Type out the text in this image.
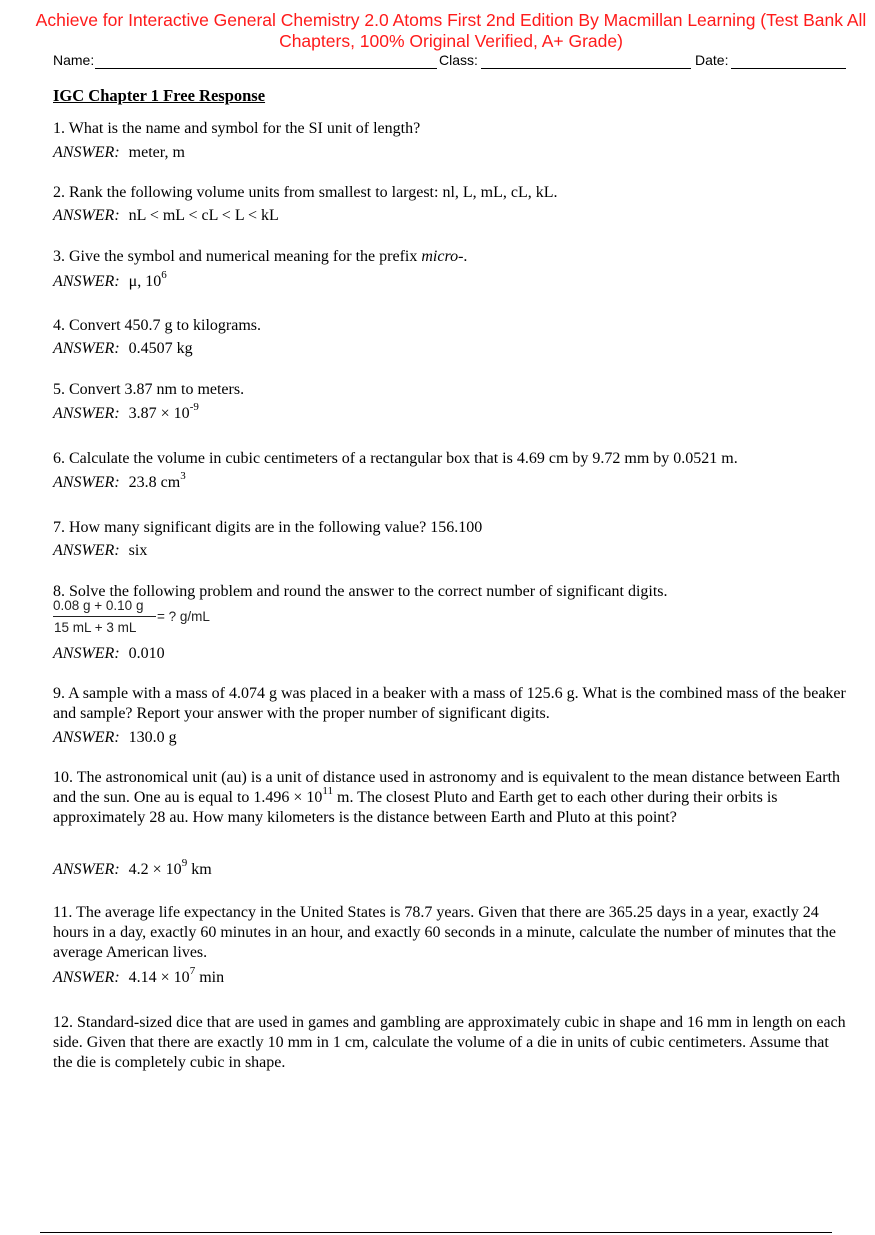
Achieve for Interactive General Chemistry 2.0 Atoms First 2nd Edition By Macmillan Learning (Test Bank All
Chapters, 100% Original Verified, A+ Grade)
Name:	Class:	Date:
IGC Chapter 1 Free Response
1. What is the name and symbol for the SI unit of length?
ANSWER: meter, m
2. Rank the following volume units from smallest to largest: nl, L, mL, cL, kL.
ANSWER: nL < mL < cL < L < kL
3. Give the symbol and numerical meaning for the prefix micro-.
ANSWER: μ, $10^6$
4. Convert 450.7 g to kilograms.
ANSWER: 0.4507 kg
5. Convert 3.87 nm to meters.
ANSWER: $3.87 \times 10^{-9}$
6. Calculate the volume in cubic centimeters of a rectangular box that is 4.69 cm by 9.72 mm by 0.0521 m.
ANSWER: 23.8 $cm^3$
7. How many significant digits are in the following value? 156.100
ANSWER: six
8. Solve the following problem and round the answer to the correct number of significant digits.
0.08 g + 0.10 g
15 mL + 3 mL
= ? g/mL
ANSWER: 0.010
9. A sample with a mass of 4.074 g was placed in a beaker with a mass of 125.6 g. What is the combined mass of the beaker and sample? Report your answer with the proper number of significant digits.
ANSWER: 130.0 g
10. The astronomical unit (au) is a unit of distance used in astronomy and is equivalent to the mean distance between Earth and the sun. One au is equal to $1.496 \times 10^{11}$ m. The closest Pluto and Earth get to each other during their orbits is approximately 28 au. How many kilometers is the distance between Earth and Pluto at this point?
ANSWER: $4.2 \times 10^9$ km
11. The average life expectancy in the United States is 78.7 years. Given that there are 365.25 days in a year, exactly 24 hours in a day, exactly 60 minutes in an hour, and exactly 60 seconds in a minute, calculate the number of minutes that the average American lives.
ANSWER: $4.14 \times 10^7$ min
12. Standard-sized dice that are used in games and gambling are approximately cubic in shape and 16 mm in length on each side. Given that there are exactly 10 mm in 1 cm, calculate the volume of a die in units of cubic centimeters. Assume that the die is completely cubic in shape.
